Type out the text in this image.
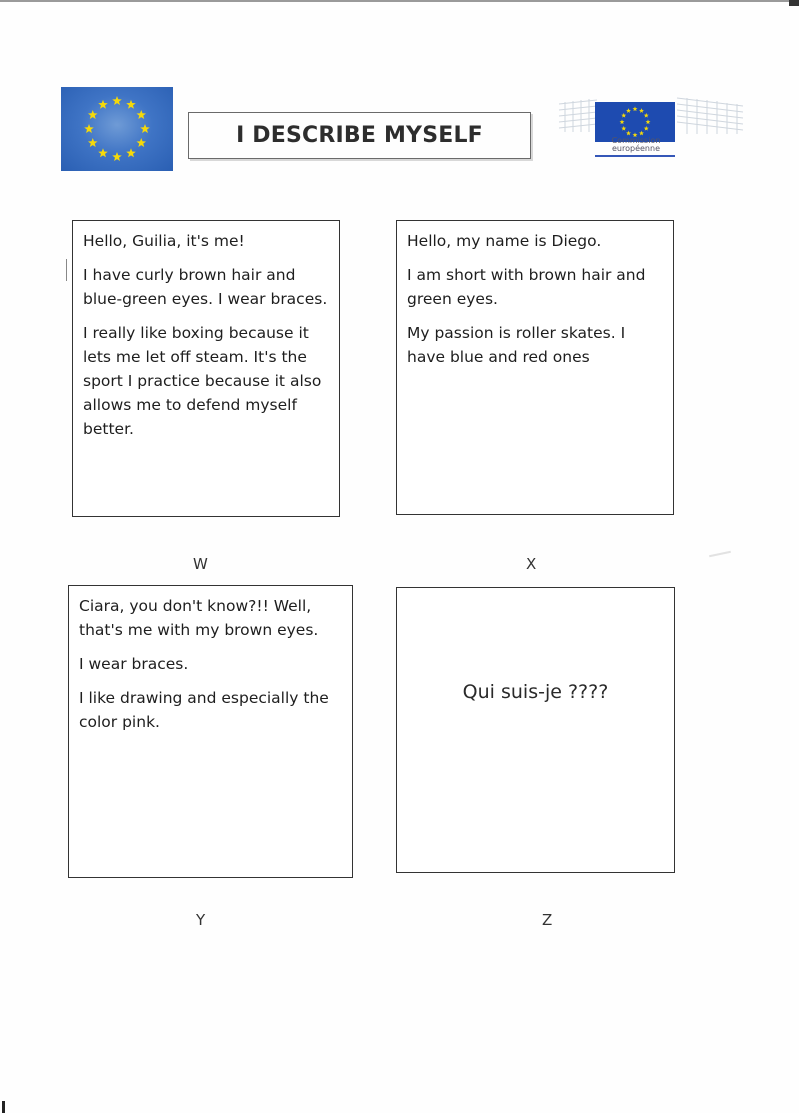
I DESCRIBE MYSELF	Commission
européenne

Hello, Guilia, it's me!

I have curly brown hair and blue-green eyes. I wear braces.

I really like boxing because it lets me let off steam. It's the sport I practice because it also allows me to defend myself better.

W

Hello, my name is Diego.

I am short with brown hair and green eyes.

My passion is roller skates. I have blue and red ones

X

Ciara, you don't know?!! Well, that's me with my brown eyes.

I wear braces.

I like drawing and especially the color pink.

Y
Qui suis-je ????
Z
